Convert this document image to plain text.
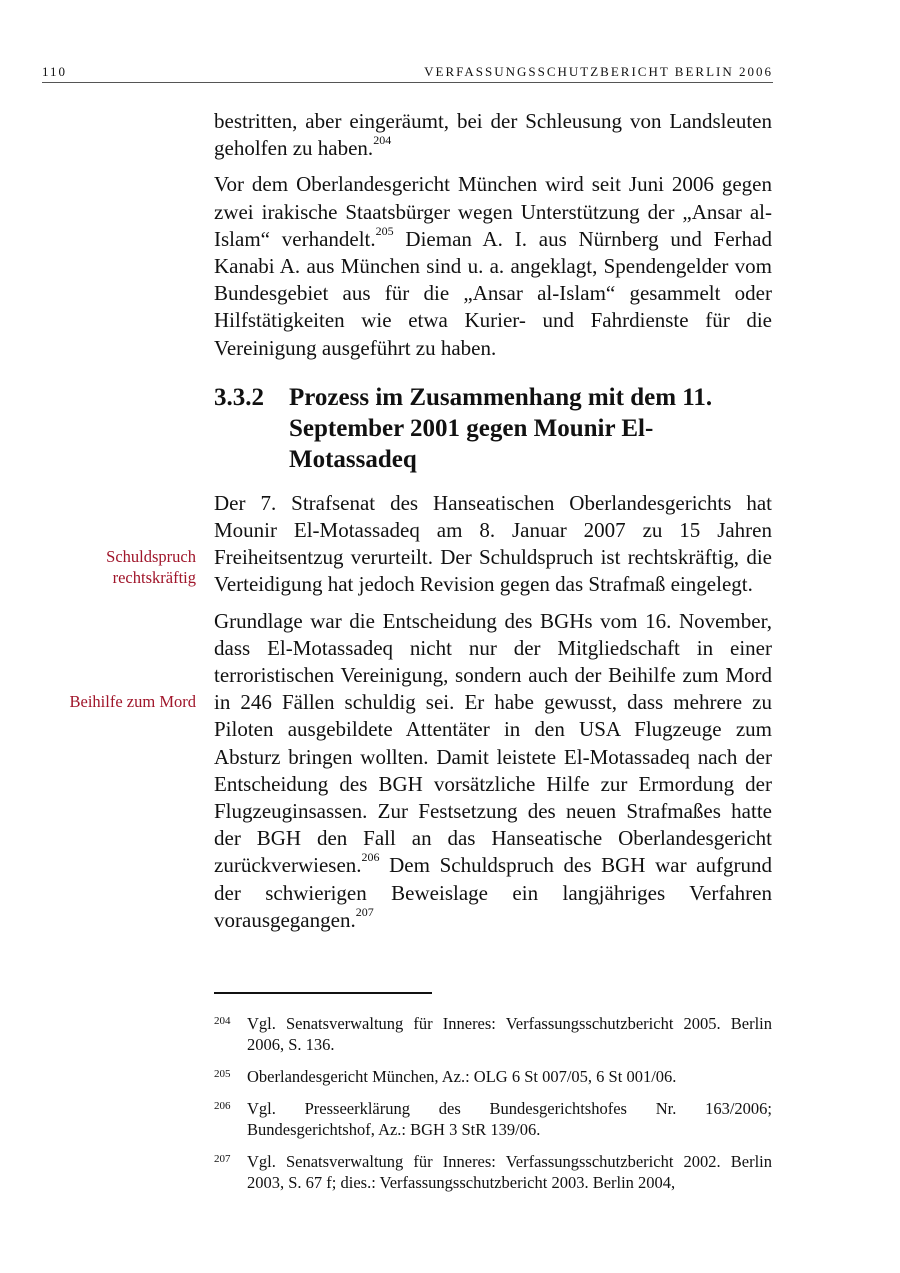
110	VERFASSUNGSSCHUTZBERICHT BERLIN 2006

bestritten, aber eingeräumt, bei der Schleusung von Landsleuten geholfen zu haben.$^{204}$

Vor dem Oberlandesgericht München wird seit Juni 2006 gegen zwei irakische Staatsbürger wegen Unterstützung der „Ansar al-Islam“ verhandelt.$^{205}$ Dieman A. I. aus Nürnberg und Ferhad Kanabi A. aus München sind u. a. angeklagt, Spendengelder vom Bundesgebiet aus für die „Ansar al-Islam“ gesammelt oder Hilfstätigkeiten wie etwa Kurier- und Fahrdienste für die Vereinigung ausgeführt zu haben.

3.3.2	Prozess im Zusammenhang mit dem 11. September 2001 gegen Mounir El-Motassadeq

Der 7. Strafsenat des Hanseatischen Oberlandesgerichts hat Mounir El-Motassadeq am 8. Januar 2007 zu 15 Jahren Freiheitsentzug verurteilt. Der Schuldspruch ist rechtskräftig, die Verteidigung hat jedoch Revision gegen das Strafmaß eingelegt.

Grundlage war die Entscheidung des BGHs vom 16. November, dass El-Motassadeq nicht nur der Mitgliedschaft in einer terroristischen Vereinigung, sondern auch der Beihilfe zum Mord in 246 Fällen schuldig sei. Er habe gewusst, dass mehrere zu Piloten ausgebildete Attentäter in den USA Flugzeuge zum Absturz bringen wollten. Damit leistete El-Motassadeq nach der Entscheidung des BGH vorsätzliche Hilfe zur Ermordung der Flugzeuginsassen. Zur Festsetzung des neuen Strafmaßes hatte der BGH den Fall an das Hanseatische Oberlandesgericht zurückverwiesen.$^{206}$ Dem Schuldspruch des BGH war aufgrund der schwierigen Beweislage ein langjähriges Verfahren vorausgegangen.$^{207}$

Schuldspruch
rechtskräftig
Beihilfe zum Mord
204	Vgl. Senatsverwaltung für Inneres: Verfassungsschutzbericht 2005. Berlin 2006, S. 136.
205	Oberlandesgericht München, Az.: OLG 6 St 007/05, 6 St 001/06.
206	Vgl. Presseerklärung des Bundesgerichtshofes Nr. 163/2006; Bundesgerichtshof, Az.: BGH 3 StR 139/06.
207	Vgl. Senatsverwaltung für Inneres: Verfassungsschutzbericht 2002. Berlin 2003, S. 67 f; dies.: Verfassungsschutzbericht 2003. Berlin 2004,
